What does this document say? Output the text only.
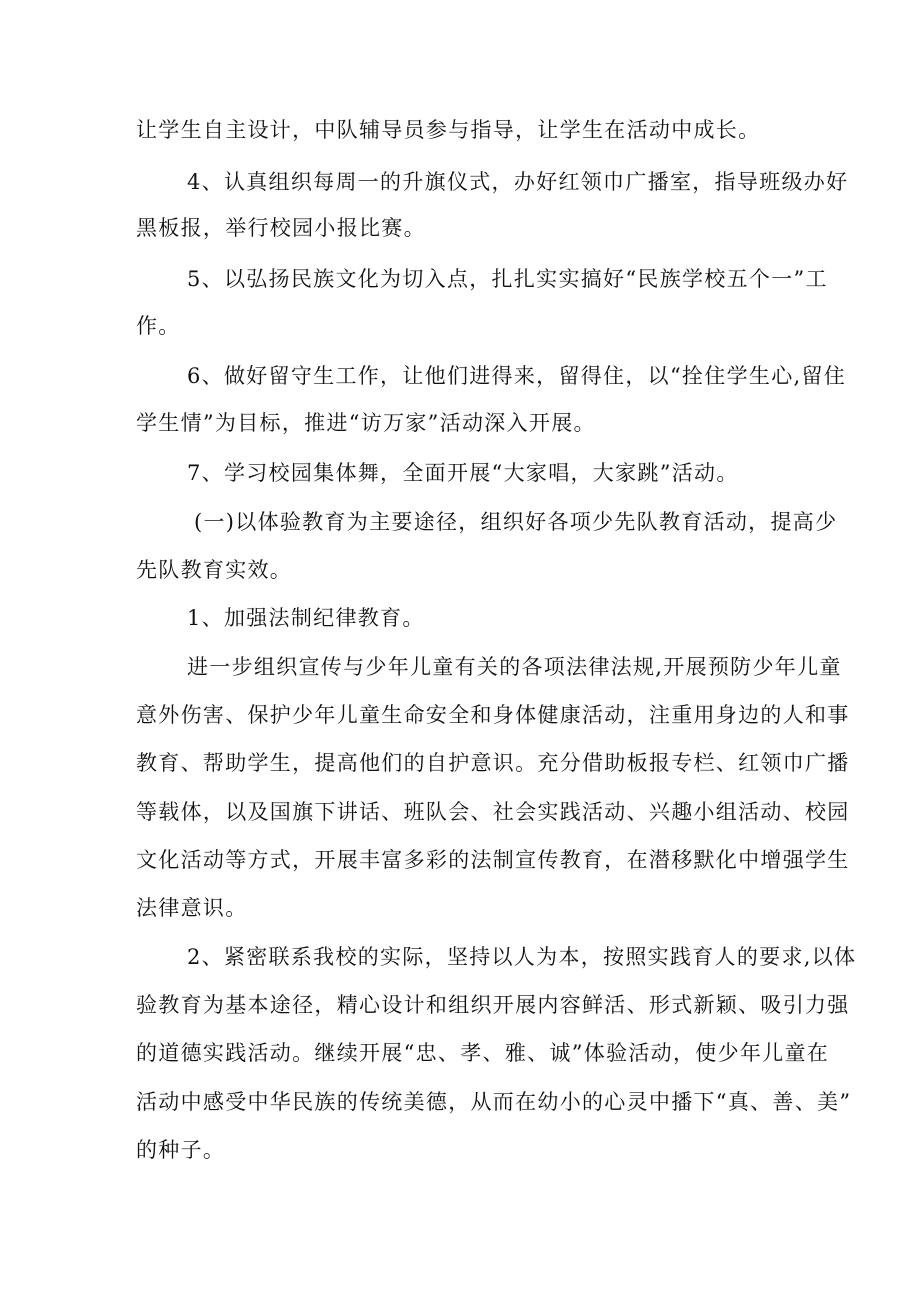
让学生自主设计，中队辅导员参与指导，让学生在活动中成长。
4、认真组织每周一的升旗仪式，办好红领巾广播室，指导班级办好
黑板报，举行校园小报比赛。
5、以弘扬民族文化为切入点，扎扎实实搞好“民族学校五个一”工
作。
6、做好留守生工作，让他们进得来，留得住，以“拴住学生心,留住
学生情”为目标，推进“访万家”活动深入开展。
7、学习校园集体舞，全面开展“大家唱，大家跳”活动。
(一)以体验教育为主要途径，组织好各项少先队教育活动，提高少
先队教育实效。
1、加强法制纪律教育。
进一步组织宣传与少年儿童有关的各项法律法规,开展预防少年儿童
意外伤害、保护少年儿童生命安全和身体健康活动，注重用身边的人和事
教育、帮助学生，提高他们的自护意识。充分借助板报专栏、红领巾广播
等载体，以及国旗下讲话、班队会、社会实践活动、兴趣小组活动、校园
文化活动等方式，开展丰富多彩的法制宣传教育，在潜移默化中增强学生
法律意识。
2、紧密联系我校的实际，坚持以人为本，按照实践育人的要求,以体
验教育为基本途径，精心设计和组织开展内容鲜活、形式新颖、吸引力强
的道德实践活动。继续开展“忠、孝、雅、诚”体验活动，使少年儿童在
活动中感受中华民族的传统美德，从而在幼小的心灵中播下“真、善、美”
的种子。
